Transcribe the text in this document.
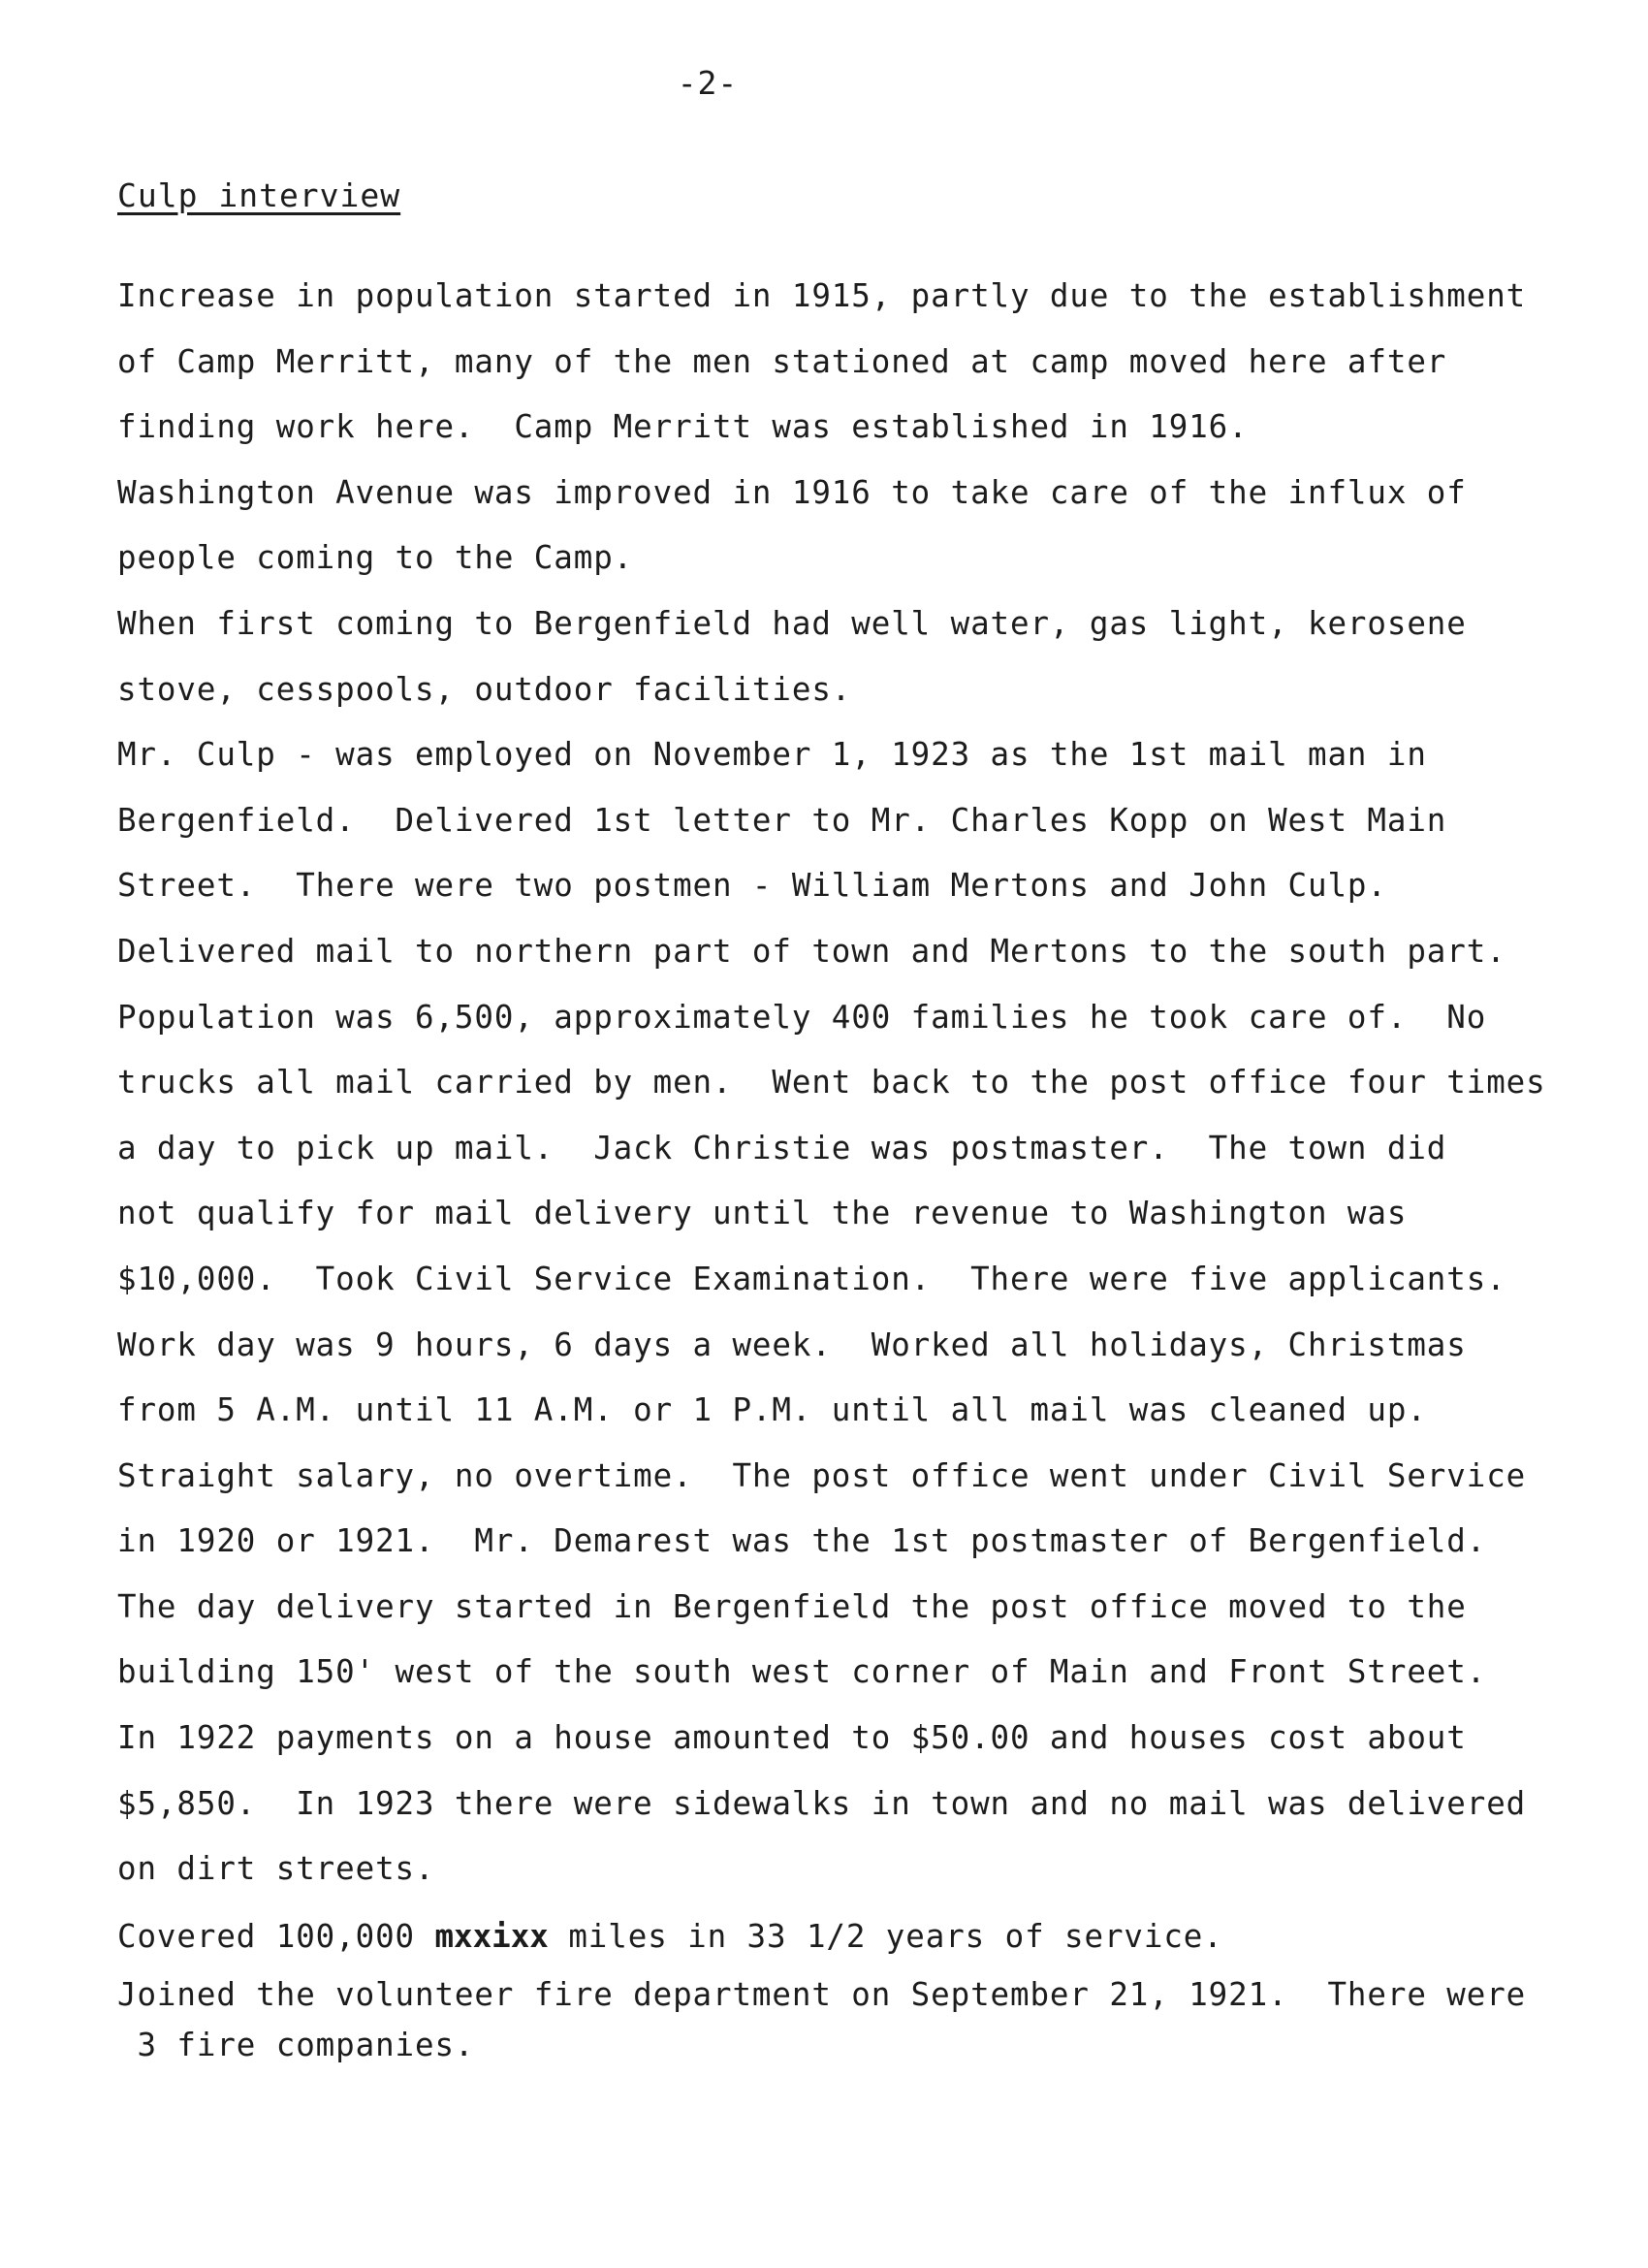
-2-
Culp interview
Increase in population started in 1915, partly due to the establishment
of Camp Merritt, many of the men stationed at camp moved here after
finding work here.  Camp Merritt was established in 1916.
Washington Avenue was improved in 1916 to take care of the influx of
people coming to the Camp.
When first coming to Bergenfield had well water, gas light, kerosene
stove, cesspools, outdoor facilities.
Mr. Culp - was employed on November 1, 1923 as the 1st mail man in
Bergenfield.  Delivered 1st letter to Mr. Charles Kopp on West Main
Street.  There were two postmen - William Mertons and John Culp.
Delivered mail to northern part of town and Mertons to the south part.
Population was 6,500, approximately 400 families he took care of.  No
trucks all mail carried by men.  Went back to the post office four times
a day to pick up mail.  Jack Christie was postmaster.  The town did
not qualify for mail delivery until the revenue to Washington was
$10,000.  Took Civil Service Examination.  There were five applicants.
Work day was 9 hours, 6 days a week.  Worked all holidays, Christmas
from 5 A.M. until 11 A.M. or 1 P.M. until all mail was cleaned up.
Straight salary, no overtime.  The post office went under Civil Service
in 1920 or 1921.  Mr. Demarest was the 1st postmaster of Bergenfield.
The day delivery started in Bergenfield the post office moved to the
building 150' west of the south west corner of Main and Front Street.
In 1922 payments on a house amounted to $50.00 and houses cost about
$5,850.  In 1923 there were sidewalks in town and no mail was delivered
on dirt streets.
Covered 100,000 mxxixx miles in 33 1/2 years of service.
Joined the volunteer fire department on September 21, 1921.  There were
3 fire companies.
